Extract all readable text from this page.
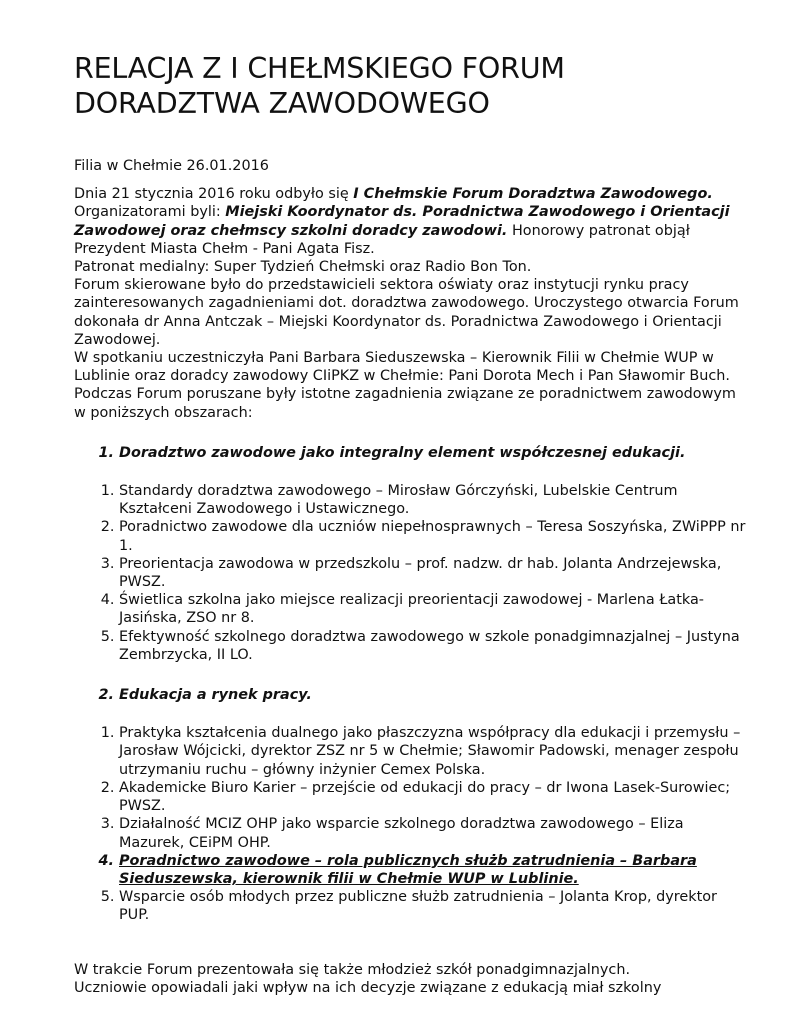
RELACJA Z I CHEŁMSKIEGO FORUM
DORADZTWA ZAWODOWEGO
Filia w Chełmie 26.01.2016

Dnia 21 stycznia 2016 roku odbyło się I Chełmskie Forum Doradztwa Zawodowego. Organizatorami byli: Miejski Koordynator ds. Poradnictwa Zawodowego i Orientacji Zawodowej oraz chełmscy szkolni doradcy zawodowi. Honorowy patronat objął Prezydent Miasta Chełm - Pani Agata Fisz.

Patronat medialny: Super Tydzień Chełmski oraz Radio Bon Ton.

Forum skierowane było do przedstawicieli sektora oświaty oraz instytucji rynku pracy zainteresowanych zagadnieniami dot. doradztwa zawodowego. Uroczystego otwarcia Forum dokonała dr Anna Antczak – Miejski Koordynator ds. Poradnictwa Zawodowego i Orientacji Zawodowej.

W spotkaniu uczestniczyła Pani Barbara Sieduszewska – Kierownik Filii w Chełmie WUP w Lublinie oraz doradcy zawodowy CIiPKZ w Chełmie: Pani Dorota Mech i Pan Sławomir Buch.

Podczas Forum poruszane były istotne zagadnienia związane ze poradnictwem zawodowym w poniższych obszarach:

1. Doradztwo zawodowe jako integralny element współczesnej edukacji.
1. Standardy doradztwa zawodowego – Mirosław Górczyński, Lubelskie Centrum Kształceni Zawodowego i Ustawicznego.
2. Poradnictwo zawodowe dla uczniów niepełnosprawnych – Teresa Soszyńska, ZWiPPP nr 1.
3. Preorientacja zawodowa w przedszkolu – prof. nadzw. dr hab. Jolanta Andrzejewska, PWSZ.
4. Świetlica szkolna jako miejsce realizacji preorientacji zawodowej - Marlena Łatka-Jasińska, ZSO nr 8.
5. Efektywność szkolnego doradztwa zawodowego w szkole ponadgimnazjalnej – Justyna Zembrzycka, II LO.
2. Edukacja a rynek pracy.
1. Praktyka kształcenia dualnego jako płaszczyzna współpracy dla edukacji i przemysłu – Jarosław Wójcicki, dyrektor ZSZ nr 5 w Chełmie; Sławomir Padowski, menager zespołu utrzymaniu ruchu – główny inżynier Cemex Polska.
2. Akademicke Biuro Karier – przejście od edukacji do pracy – dr Iwona Lasek-Surowiec; PWSZ.
3. Działalność MCIZ OHP jako wsparcie szkolnego doradztwa zawodowego – Eliza Mazurek, CEiPM OHP.
4. Poradnictwo zawodowe – rola publicznych służb zatrudnienia – Barbara Sieduszewska, kierownik filii w Chełmie WUP w Lublinie.
5. Wsparcie osób młodych przez publiczne służb zatrudnienia – Jolanta Krop, dyrektor PUP.

W trakcie Forum prezentowała się także młodzież szkół ponadgimnazjalnych.

Uczniowie opowiadali jaki wpływ na ich decyzje związane z edukacją miał szkolny
